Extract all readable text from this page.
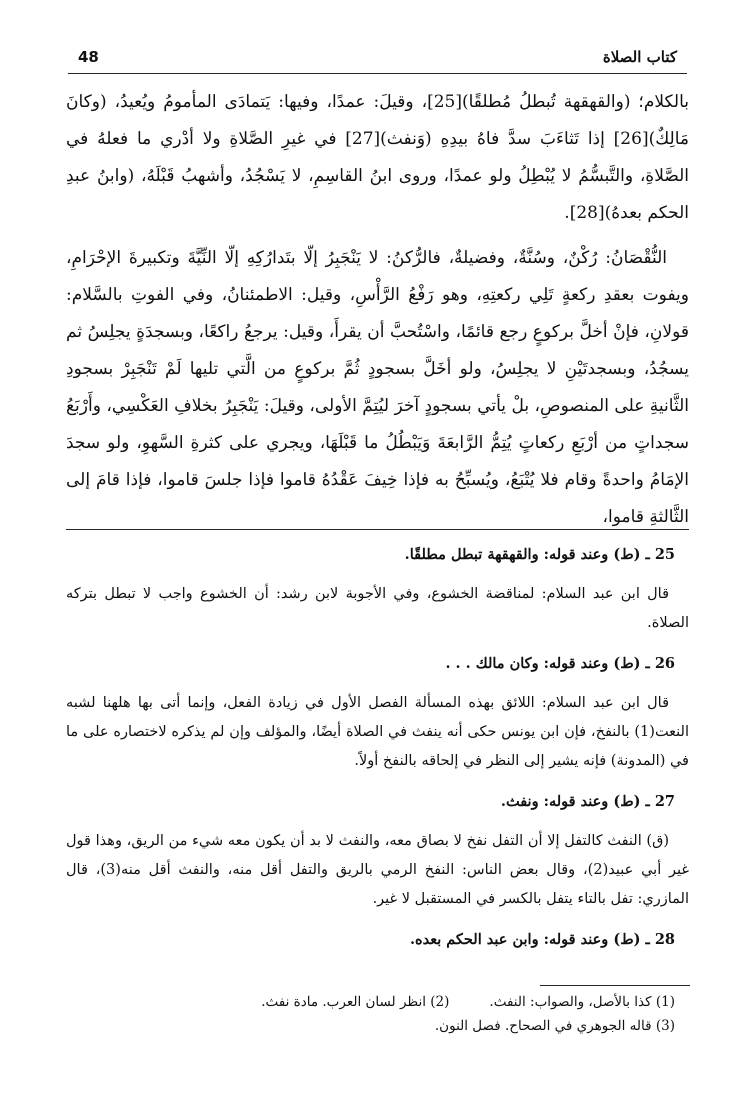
48	كتاب الصلاة

بالكلام؛ (والقهقهة تُبطلُ مُطلقًا)[25]، وقيلَ: عمدًا، وفيها: يَتمادَى المأمومُ ويُعيدُ، (وكانَ مَالِكٌ)[26] إذا تَثاءَبَ سدَّ فاهُ بيدِهِ (وَنفث)[27] في غيرِ الصَّلاةِ ولا أدْري ما فعلهُ في الصَّلاةِ، والتَّبسُّمُ لا يُبْطِلُ ولو عمدًا، وروى ابنُ القاسِمِ، لا يَسْجُدُ، وأشهبُ قَبْلَهُ، (وابنُ عبدِ الحكم بعدهُ)[28].

النُّقْصَانُ: رُكْنٌ، وسُنَّةٌ، وفضيلةٌ، فالرُّكنُ: لا يَنْجَبِرُ إلّا بتَدارُكِهِ إلّا النِّيَّةَ وتكبيرةَ الإحْرَامِ، ويفوت بعقدِ ركعةٍ تَلِي ركعتِهِ، وهو رَفْعُ الرَّأْسِ، وقيل: الاطمئنانُ، وفي الفوتِ بالسَّلام: قولانِ، فإنْ أخلَّ بركوعٍ رجع قائمًا، واسْتُحبَّ أن يقرأَ، وقيل: يرجعُ راكعًا، وبسجدَةٍ يجلِسُ ثم يسجُدُ، وبسجدتَيْنِ لا يجلِسُ، ولو أخَلَّ بسجودٍ ثُمَّ بركوعٍ من الَّتي تليها لَمْ تَنْجَبِرْ بسجودِ الثَّانيةِ على المنصوصِ، بلْ يأتي بسجودٍ آخرَ ليُتِمَّ الأولى، وقيلَ: يَنْجَبِرُ بخلافِ العَكْسِي، وأَرْبَعُ سجداتٍ من أرْبَعِ ركعاتٍ يُتِمُّ الرَّابعَةَ وَيَبْطُلُ ما قَبْلَهَا، ويجري على كثرةِ السَّهوِ، ولو سجدَ الإمَامُ واحدةً وقام فلا يُتْبَعُ، ويُسبِّحُ به فإذا خِيفَ عَقْدُهُ قاموا فإذا جلسَ قاموا، فإذا قامَ إلى الثَّالثةِ قاموا،

25 ـ (ط) وعند قوله: والقهقهة تبطل مطلقًا.

قال ابن عبد السلام: لمناقضة الخشوع، وفي الأجوبة لابن رشد: أن الخشوع واجب لا تبطل بتركه الصلاة.

26 ـ (ط) وعند قوله: وكان مالك . . .

قال ابن عبد السلام: اللائق بهذه المسألة الفصل الأول في زيادة الفعل، وإنما أتى بها هلهنا لشبه النعت(1) بالنفخ، فإن ابن يونس حكى أنه ينفث في الصلاة أيضًا، والمؤلف وإن لم يذكره لاختصاره على ما في (المدونة) فإنه يشير إلى النظر في إلحاقه بالنفخ أولاً.

27 ـ (ط) وعند قوله: ونفث.

(ق) النفث كالتفل إلا أن التفل نفخ لا بصاق معه، والنفث لا بد أن يكون معه شيء من الريق، وهذا قول غير أبي عبيد(2)، وقال بعض الناس: النفخ الرمي بالريق والتفل أقل منه، والنفث أقل منه(3)، قال المازري: تفل بالتاء يتفل بالكسر في المستقبل لا غير.

28 ـ (ط) وعند قوله: وابن عبد الحكم بعده.

(1) كذا بالأصل، والصواب: النفث.
(2) انظر لسان العرب. مادة نفث.

(3) قاله الجوهري في الصحاح. فصل النون.
